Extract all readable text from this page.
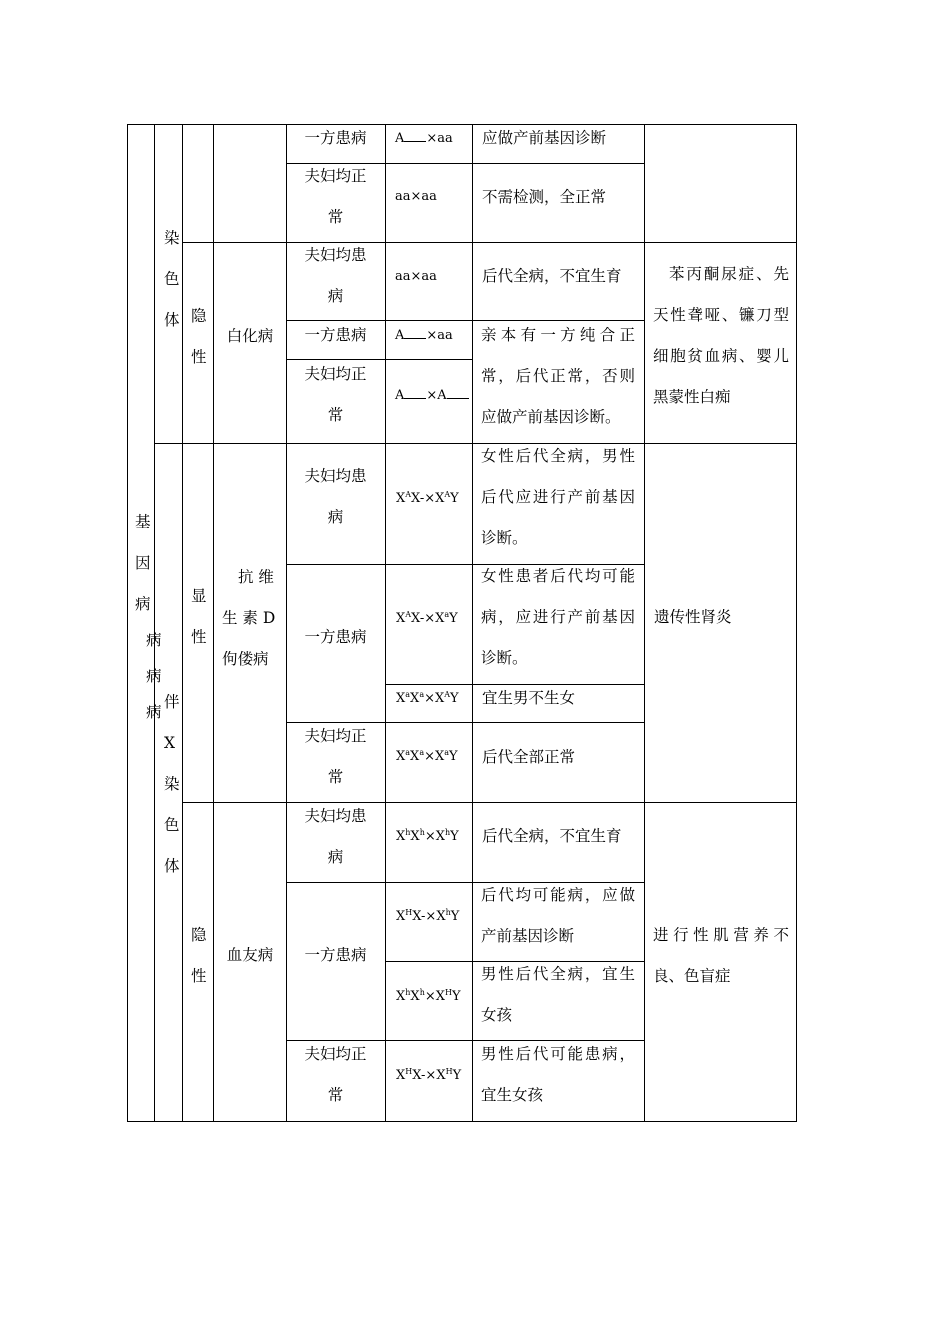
基
因
病
病
病
病
染
色
体
伴
X
染
色
体
隐
性
显
性
隐
性
白化病
抗 维
生 素 D
佝偻病
血友病
一方患病
夫妇均正
常
夫妇均患
病
一方患病
夫妇均正
常
夫妇均患
病
一方患病
夫妇均正
常
夫妇均患
病
一方患病
夫妇均正
常
A ×aa
aa×aa
aa×aa
A ×aa
A ×A
$X^AX-\times X^AY$
$X^AX-\times X^aY$
$X^aX^a\times X^AY$
$X^aX^a\times X^aY$
$X^hX^h\times X^hY$
$X^HX-\times X^hY$
$X^hX^h\times X^HY$
$X^HX-\times X^HY$
应做产前基因诊断
不需检测，全正常
后代全病，不宜生育
亲本有一方纯合正常，后代正常，否则应做产前基因诊断。
女性后代全病，男性后代应进行产前基因诊断。
女性患者后代均可能病，应进行产前基因诊断。
宜生男不生女
后代全部正常
后代全病，不宜生育
后代均可能病，应做产前基因诊断
男性后代全病，宜生女孩
男性后代可能患病，宜生女孩
苯丙酮尿症、先天性聋哑、镰刀型细胞贫血病、婴儿黑蒙性白痴
遗传性肾炎
进行性肌营养不良、色盲症
